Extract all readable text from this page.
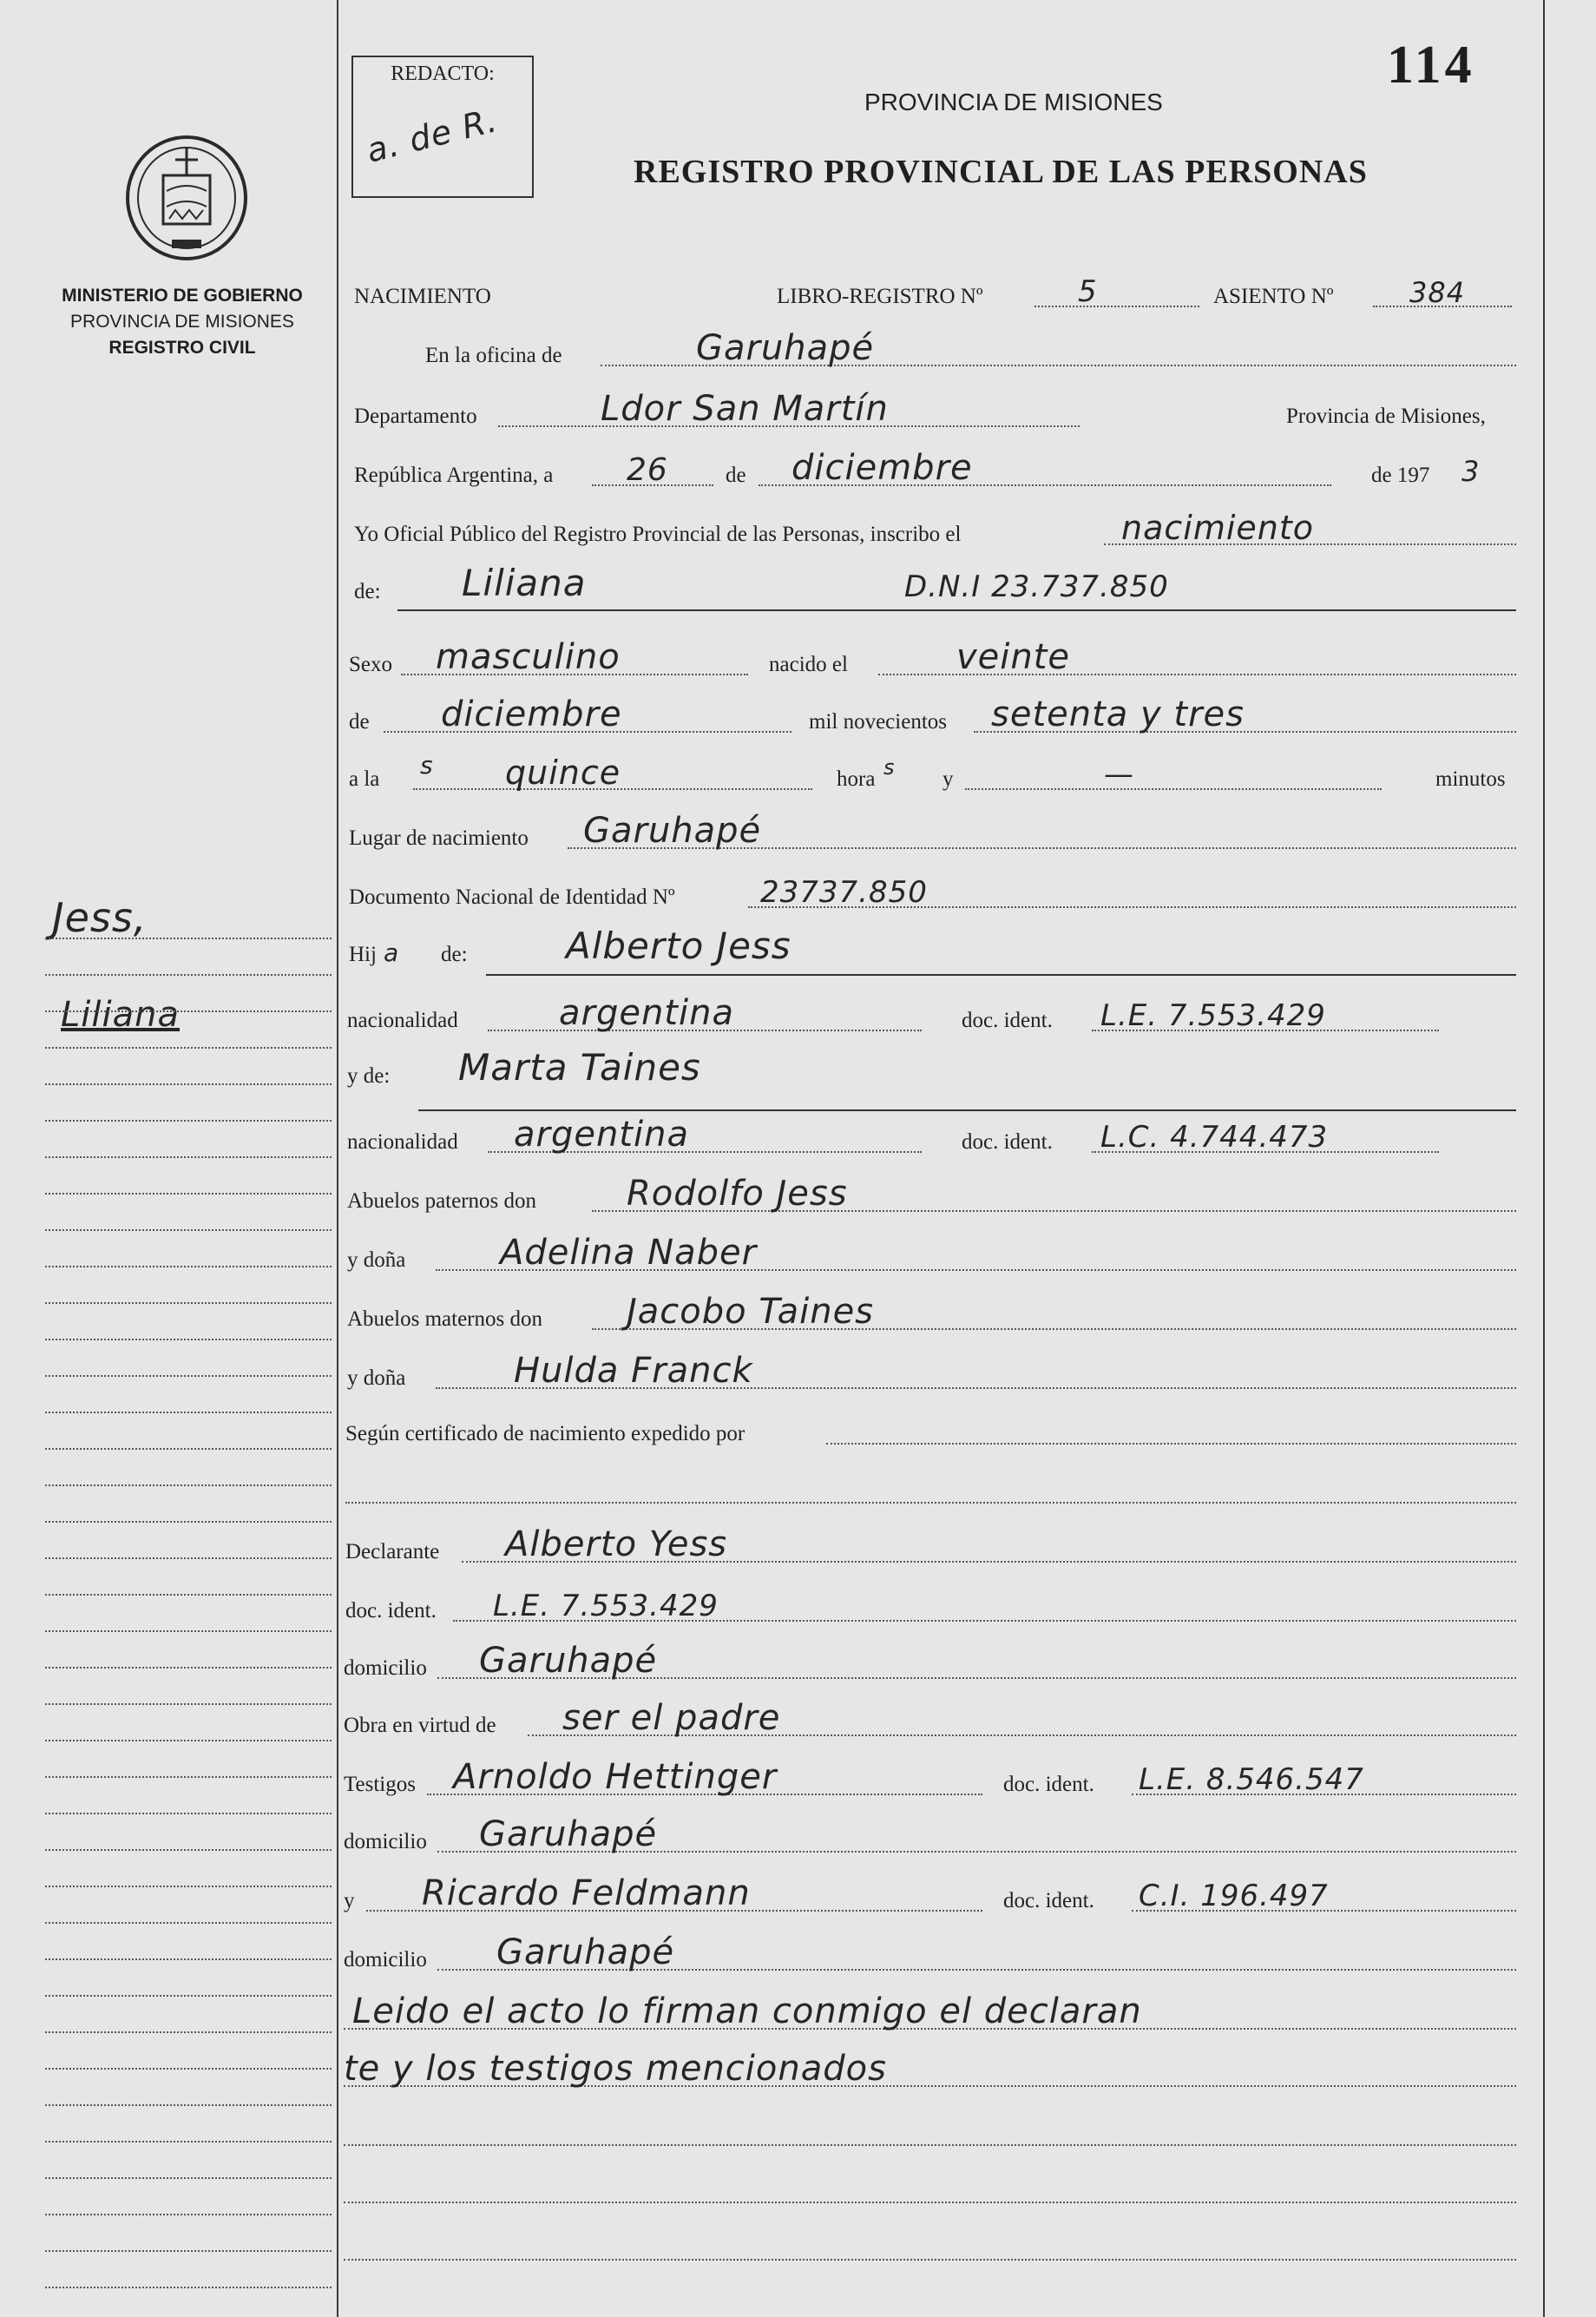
REDACTO:
a. de R.
114
PROVINCIA DE MISIONES
REGISTRO PROVINCIAL DE LAS PERSONAS
MINISTERIO DE GOBIERNO
PROVINCIA DE MISIONES
REGISTRO CIVIL
Jess,
Liliana
NACIMIENTO	LIBRO-REGISTRO Nº	5	ASIENTO Nº	384
En la oficina de	Garuhapé
Departamento	Ldor San Martín	Provincia de Misiones,
República Argentina, a 26	de diciembre	de 197 3
Yo Oficial Público del Registro Provincial de las Personas, inscribo el	nacimiento
de: Liliana	D.N.I 23.737.850
Sexo masculino	nacido el	veinte
de diciembre	mil novecientos setenta y tres
a la s quince	hora s y	—	minutos
Lugar de nacimiento Garuhapé
Documento Nacional de Identidad Nº	23737.850
Hij a de:	Alberto Jess
nacionalidad	argentina	doc. ident. L.E. 7.553.429
y de: Marta Taines
nacionalidad argentina	doc. ident. L.C. 4.744.473
Abuelos paternos don	Rodolfo Jess
y doña	Adelina Naber
Abuelos maternos don Jacobo Taines
y doña	Hulda Franck
Según certificado de nacimiento expedido por
Declarante Alberto Yess
doc. ident. L.E. 7.553.429
domicilio Garuhapé
Obra en virtud de ser el padre
Testigos Arnoldo Hettinger	doc. ident. L.E. 8.546.547
domicilio Garuhapé
y Ricardo Feldmann	doc. ident. C.I. 196.497
domicilio Garuhapé
Leido el acto lo firman conmigo el declaran
te y los testigos mencionados
